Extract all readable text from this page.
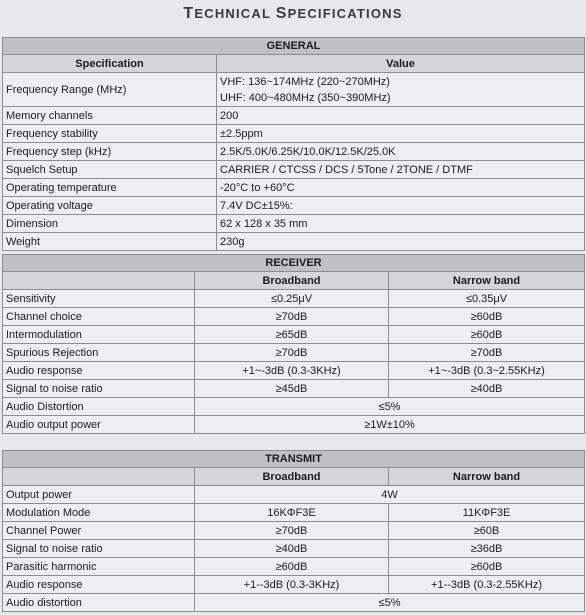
TECHNICAL SPECIFICATIONS
GENERAL	
Specification	Value
Frequency Range (MHz)	VHF: 136~174MHz (220~270MHz)
UHF: 400~480MHz (350~390MHz)

Memory channels	200
Frequency stability	±2.5ppm
Frequency step (kHz)	2.5K/5.0K/6.25K/10.0K/12.5K/25.0K
Squelch Setup	CARRIER / CTCSS / DCS / 5Tone / 2TONE / DTMF
Operating temperature	-20°C to +60°C
Operating voltage	7.4V DC±15%:
Dimension	62 x 128 x 35 mm
Weight	230g
RECEIVER		
	Broadband	Narrow band
Sensitivity	≤0.25μV	≤0.35μV
Channel choice	≥70dB	≥60dB
Intermodulation	≥65dB	≥60dB
Spurious Rejection	≥70dB	≥70dB
Audio response	+1~-3dB (0.3-3KHz)	+1~-3dB (0.3~2.55KHz)
Signal to noise ratio	≥45dB	≥40dB
Audio Distortion	≤5%	
Audio output power	≥1W±10%	
TRANSMIT		
	Broadband	Narrow band
Output power	4W	
Modulation Mode	16KΦF3E	11KΦF3E
Channel Power	≥70dB	≥60B
Signal to noise ratio	≥40dB	≥36dB
Parasitic harmonic	≥60dB	≥60dB
Audio response	+1--3dB (0.3-3KHz)	+1--3dB (0.3-2.55KHz)
Audio distortion	≤5%	
